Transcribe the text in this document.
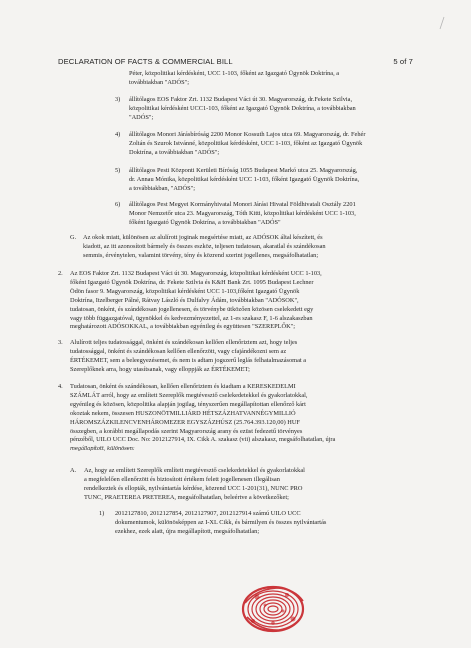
DECLARATION OF FACTS & COMMERCIAL BILL	5 of 7

Péter, közpolitikai kérdésként, UCC 1-103, főként az Igazgató Ügynök Doktrína, a

továbbiakban "ADÓS";

3) állítólagos EOS Faktor Zrt. 1132 Budapest Váci út 30. Magyarország, dr.Fekete Szilvia,

közpolitikai kérdésként UCC1-103, főként az Igazgató Ügynök Doktrína, a továbbiakban

"ADÓS";

4) állítólagos Monori Járásbíróság 2200 Monor Kossuth Lajos utca 69. Magyarország, dr. Fehér

Zoltán és Szurok Istvánné, közpolitikai kérdésként, UCC 1-103, főként az Igazgató Ügynök

Doktrína, a továbbiakban "ADÓS";

5) állítólagos Pesti Központi Kerületi Bíróság 1055 Budapest Markó utca 25. Magyarország,

dr. Annau Mónika, közpolitikai kérdésként UCC 1-103, főként Igazgató Ügynök Doktrína,

a továbbiakban, "ADÓS";

6) állítólagos Pest Megyei Kormányhivatal Monori Járási Hivatal Földhivatali Osztály 2201

Monor Nemzetőr utca 23. Magyarország, Tóth Kitti, közpolitikai kérdésként UCC 1-103,

főként Igazgató Ügynök Doktrína, a továbbiakban "ADÓS"

G. Az okok miatt, különösen az alulírott joginak megsértése miatt, az ADÓSOK által készített, és

kiadott, az itt azonosított bármely és összes eszköz, teljesen tudatosan, akaratlal és szándékosan

semmis, érvénytelen, valamint törvény, tény és közrend szerint jogellenes, megsáfolhatatlan;

2. Az EOS Faktor Zrt. 1132 Budapest Váci út 30. Magyarország, közpolitikai kérdésként UCC 1-103,

főként Igazgató Ügynök Doktrína, dr. Fekete Szilvia és K&H Bank Zrt. 1095 Budapest Lechner

Ödön fasor 9. Magyarország, közpolitikai kérdésként UCC 1-103,főként Igazgató Ügynök

Doktrína, Itzelberger Pálné, Rátvay László és Dulfalvy Ádám, továbbiakban "ADÓSOK",

tudatosan, önként, és szándékosan jogellenesen, és törvénybe ütközően közösen cselekedett egy

vagy több függazgatóval, ügynökkel és kedvezményezettel, az 1-es szakasz F, 1-6 alszakaszban

meghatározott ADÓSOKKAL, a továbbiakban egyénileg és együttesen "SZEREPLŐK";

3. Alulírott teljes tudatossággal, önként és szándékosan kellően ellenőriztem azt, hogy teljes

tudatossággal, önként és szándékosan kellően ellenőrzött, vagy cfajándékozni sem az

ÉRTÉKEMET, sem a beleegyezésemet, és nem is adtam jogszerű leglás felhatalmazásomat a

Szereplőknek arra, hogy utasítsanak, vagy elloppják az ÉRTÉKEMET;

4. Tudatosan, önként és szándékosan, kellően ellenőriztem és kiadtam a KERESKEDELMI

SZÁMLÁT arról, hogy az említett Szereplők megtévesztő cselekedetekkel és gyakorlatokkal,

egyénileg és közösen, közpolitika alapján jogilag, tényszerűen megállapítottan ellenőrző kárt

okoztak nekem, összesen HUSZONÖTMILLIÁRD HÉTSZÁZHATVANNÉGYMILLIÓ

HÁROMSZÁZKILENCVENHÁROMEZER EGYSZÁZHÚSZ (25.764.393.120,00) HUF

összegben, a korábbi megállapodás szerint Magyarország arany és ezüst fedezetű törvényes

pénzéből, UILO UCC Doc. No: 2012127914, IX. Cikk A. szakasz (vii) alszakasz, megsáfolhatatlan, újra

megállapított, különösen:

A. Az, hogy az említett Szereplők említett megtévesztő cselekedetekkel és gyakorlatokkal

a megfelelően ellenőrzött és biztosított értékem felett jogellenesen illegálisan

rendelkeztek és ellopták, nyilvántartás kérdése, közrend UCC 1-201(31), NUNC PRO

TUNC, PRAETEREA PRETEREA, megsáfolhatatlan, beleértve a következőket;

1) 2012127810, 2012127854, 2012127907, 2012127914 számú UILO UCC

dokumentumok, különösképpen az I-XL Cikk, és bármilyen és összes nyilvántartás

ezekhez, ezek alatt, újra megállapított, megsáfolhatatlan;
